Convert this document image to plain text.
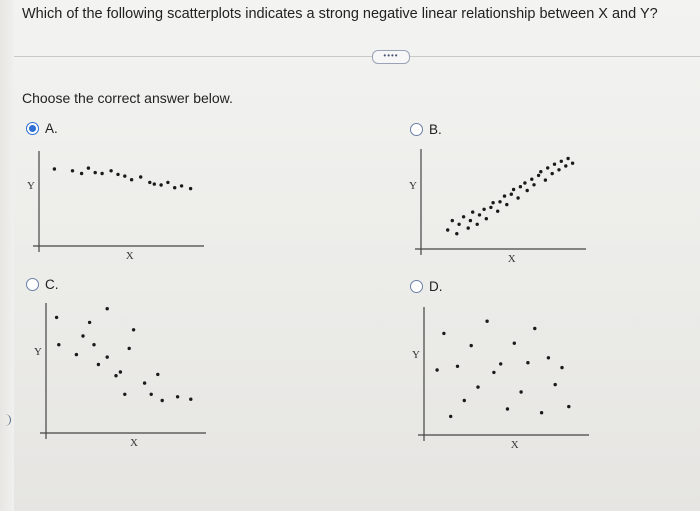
Which of the following scatterplots indicates a strong negative linear relationship between X and Y?
••••
Choose the correct answer below.
A.
Y
X
B.
Y
X
C.
Y
X
D.
Y
X
